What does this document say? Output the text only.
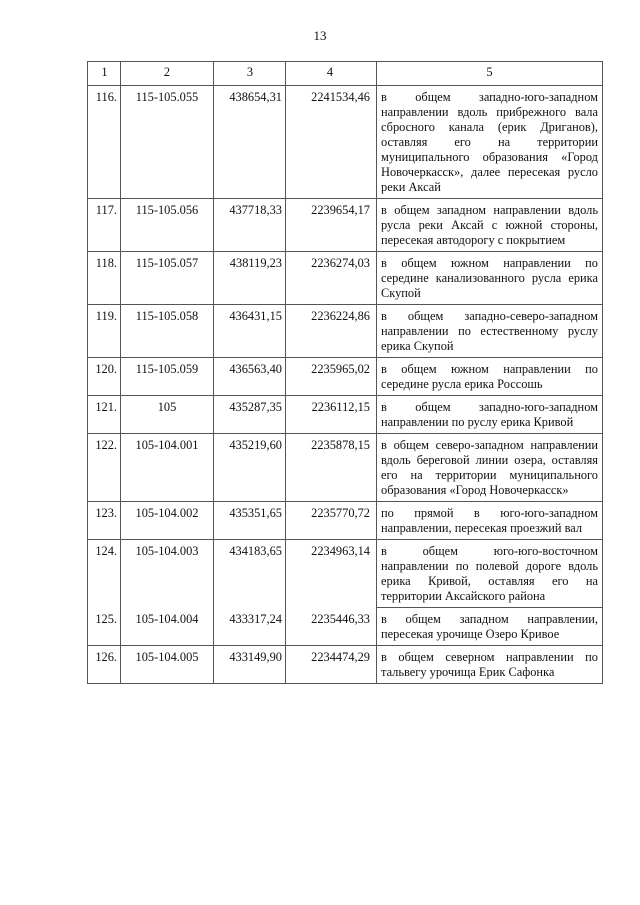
13
1	2	3	4	5
116.	115-105.055	438654,31	2241534,46	в общем западно-юго-западном направлении вдоль прибрежного вала сбросного канала (ерик Дриганов), оставляя его на территории муниципального образования «Город Новочеркасск», далее пересекая русло реки Аксай
117.	115-105.056	437718,33	2239654,17	в общем западном направлении вдоль русла реки Аксай с южной стороны, пересекая автодорогу с покрытием
118.	115-105.057	438119,23	2236274,03	в общем южном направлении по середине канализованного русла ерика Скупой
119.	115-105.058	436431,15	2236224,86	в общем западно-северо-западном направлении по естественному руслу ерика Скупой
120.	115-105.059	436563,40	2235965,02	в общем южном направлении по середине русла ерика Россошь
121.	105	435287,35	2236112,15	в общем западно-юго-западном направлении по руслу ерика Кривой
122.	105-104.001	435219,60	2235878,15	в общем северо-западном направлении вдоль береговой линии озера, оставляя его на территории муниципального образования «Город Новочеркасск»
123.	105-104.002	435351,65	2235770,72	по прямой в юго-юго-западном направлении, пересекая проезжий вал
124.	105-104.003	434183,65	2234963,14	в общем юго-юго-восточном направлении по полевой дороге вдоль ерика Кривой, оставляя его на территории Аксайского района
125.	105-104.004	433317,24	2235446,33	в общем западном направлении, пересекая урочище Озеро Кривое
126.	105-104.005	433149,90	2234474,29	в общем северном направлении по тальвегу урочища Ерик Сафонка
